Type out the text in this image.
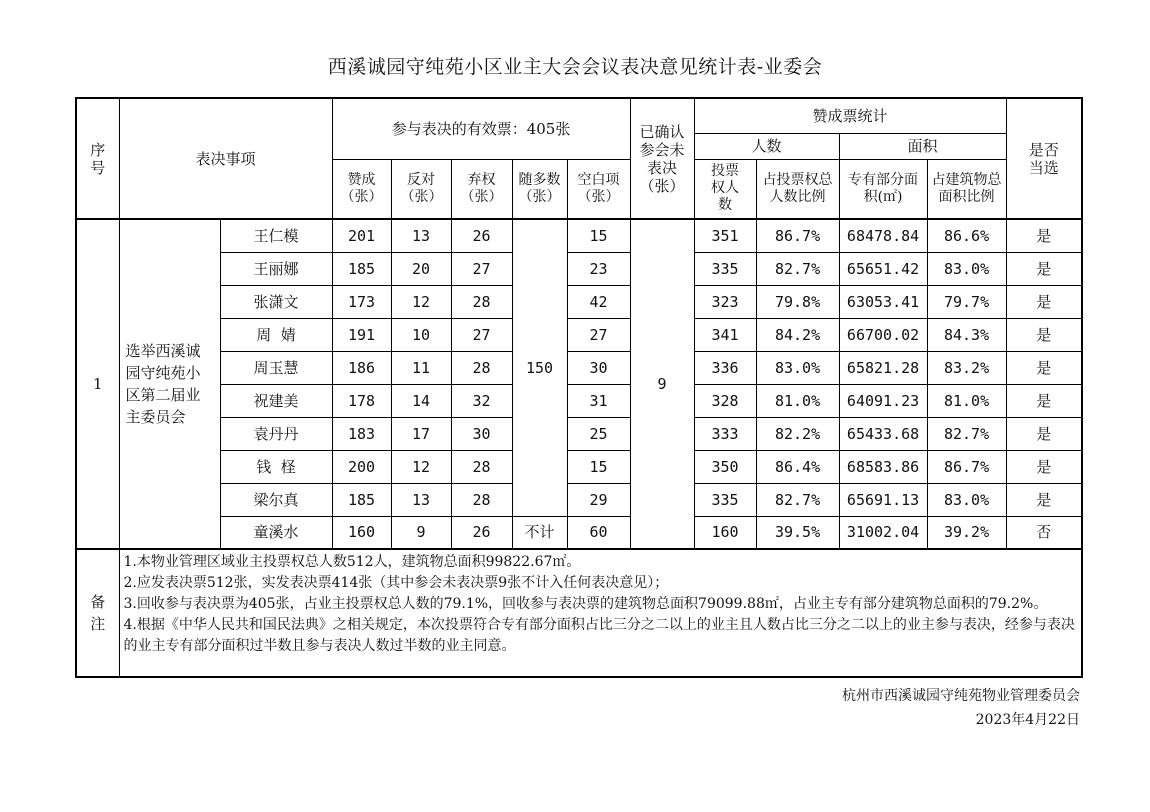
西溪诚园守纯苑小区业主大会会议表决意见统计表-业委会
序号	表决事项		参与表决的有效票：405张					已确认参会未表决（张）	赞成票统计				是否当选
									人数		面积		
			赞成（张）	反对（张）	弃权（张）	随多数（张）	空白项（张）		投票权人数	占投票权总人数比例	专有部分面积(㎡)	占建筑物总面积比例	
1	选举西溪诚园守纯苑小区第二届业主委员会	王仁模	201	13	26	150	15	9	351	86.7%	68478.84	86.6%	是
		王丽娜	185	20	27		23		335	82.7%	65651.42	83.0%	是
		张潇文	173	12	28		42		323	79.8%	63053.41	79.7%	是
		周  婧	191	10	27		27		341	84.2%	66700.02	84.3%	是
		周玉慧	186	11	28		30		336	83.0%	65821.28	83.2%	是
		祝建美	178	14	32		31		328	81.0%	64091.23	81.0%	是
		袁丹丹	183	17	30		25		333	82.2%	65433.68	82.7%	是
		钱  柽	200	12	28		15		350	86.4%	68583.86	86.7%	是
		梁尔真	185	13	28		29		335	82.7%	65691.13	83.0%	是
		童溪水	160	9	26	不计	60		160	39.5%	31002.04	39.2%	否
备注	1.本物业管理区域业主投票权总人数512人，建筑物总面积99822.67㎡。
2.应发表决票512张，实发表决票414张（其中参会未表决票9张不计入任何表决意见）；
3.回收参与表决票为405张，占业主投票权总人数的79.1%，回收参与表决票的建筑物总面积79099.88㎡，占业主专有部分建筑物总面积的79.2%。
4.根据《中华人民共和国民法典》之相关规定，本次投票符合专有部分面积占比三分之二以上的业主且人数占比三分之二以上的业主参与表决，经参与表决的业主专有部分面积过半数且参与表决人数过半数的业主同意。												
杭州市西溪诚园守纯苑物业管理委员会
2023年4月22日
